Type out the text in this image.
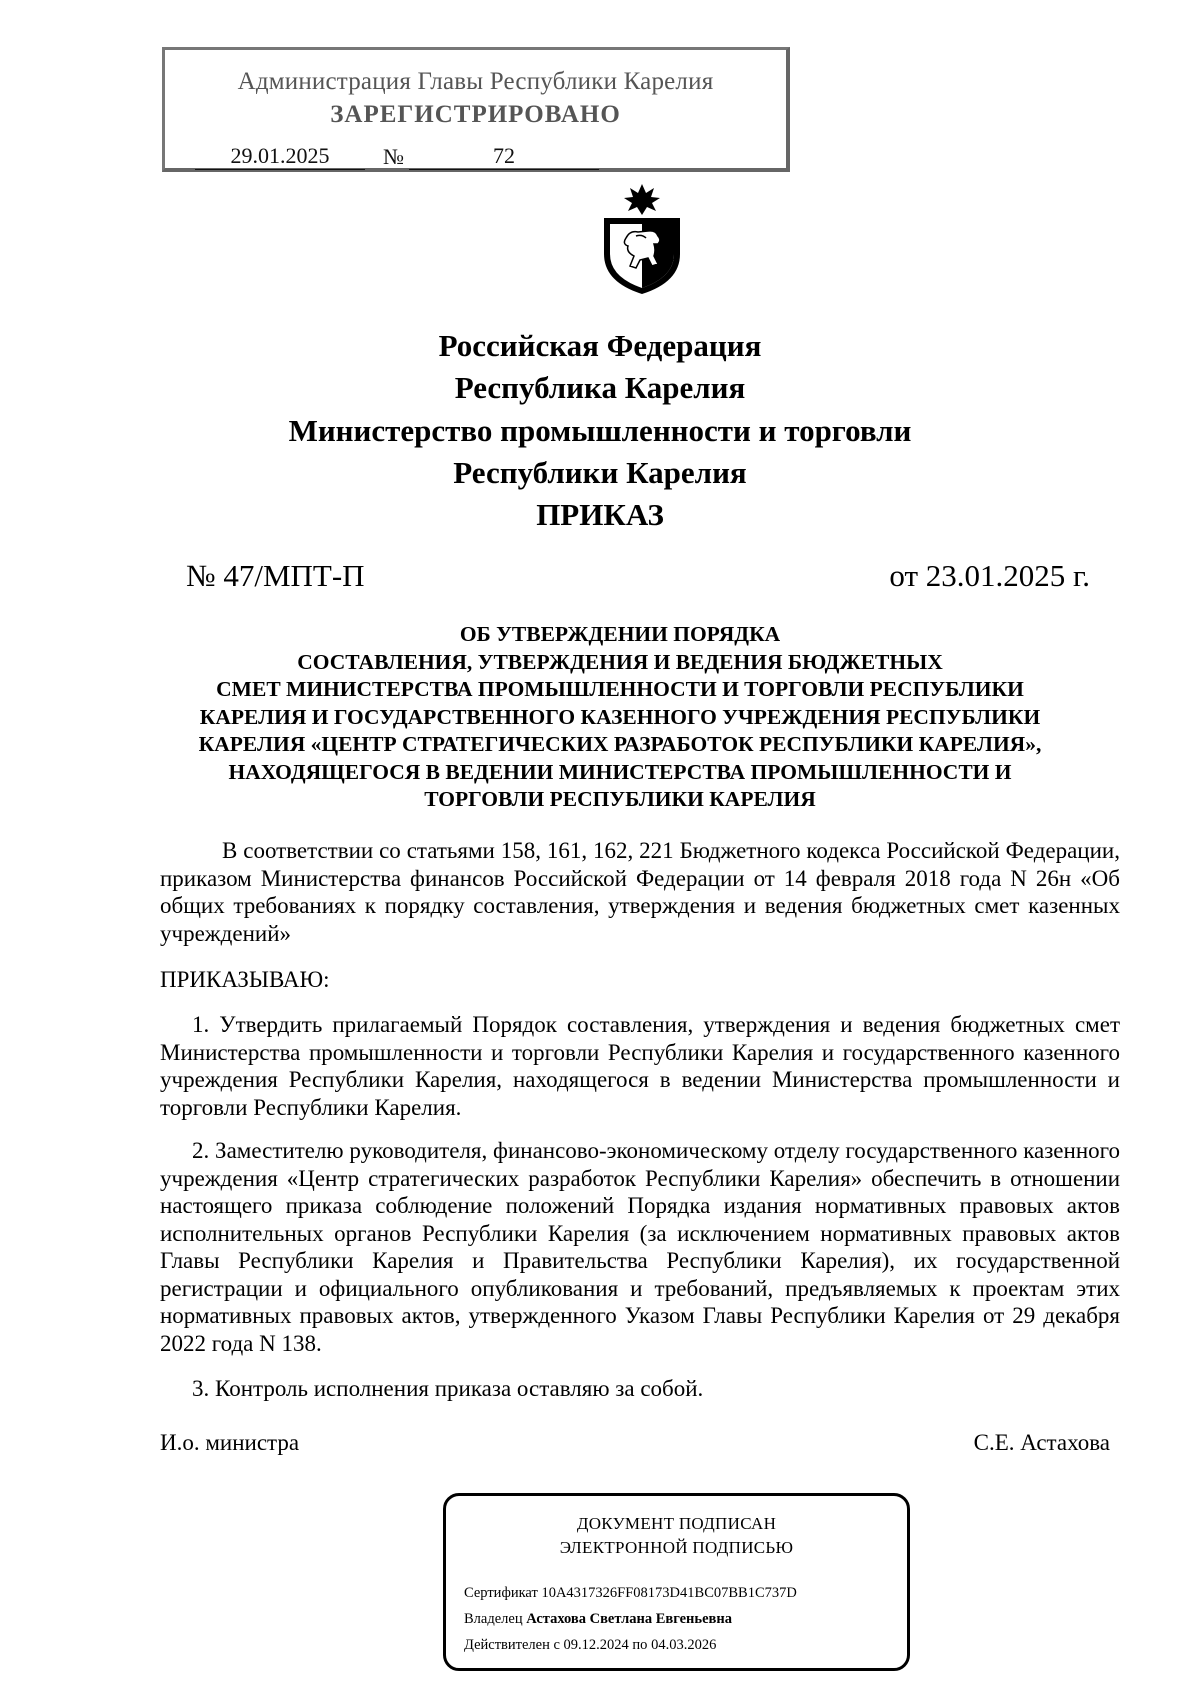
Администрация Главы Республики Карелия
ЗАРЕГИСТРИРОВАНО
29.01.2025	№	72
Российская Федерация
Республика Карелия
Министерство промышленности и торговли
Республики Карелия
ПРИКАЗ
№ 47/МПТ-П	от 23.01.2025 г.
ОБ УТВЕРЖДЕНИИ ПОРЯДКА
СОСТАВЛЕНИЯ, УТВЕРЖДЕНИЯ И ВЕДЕНИЯ БЮДЖЕТНЫХ
СМЕТ МИНИСТЕРСТВА ПРОМЫШЛЕННОСТИ И ТОРГОВЛИ РЕСПУБЛИКИ
КАРЕЛИЯ И ГОСУДАРСТВЕННОГО КАЗЕННОГО УЧРЕЖДЕНИЯ РЕСПУБЛИКИ
КАРЕЛИЯ «ЦЕНТР СТРАТЕГИЧЕСКИХ РАЗРАБОТОК РЕСПУБЛИКИ КАРЕЛИЯ»,
НАХОДЯЩЕГОСЯ В ВЕДЕНИИ МИНИСТЕРСТВА ПРОМЫШЛЕННОСТИ И
ТОРГОВЛИ РЕСПУБЛИКИ КАРЕЛИЯ
В соответствии со статьями 158, 161, 162, 221 Бюджетного кодекса Российской Федерации, приказом Министерства финансов Российской Федерации от 14 февраля 2018 года N 26н «Об общих требованиях к порядку составления, утверждения и ведения бюджетных смет казенных учреждений»
ПРИКАЗЫВАЮ:
1. Утвердить прилагаемый Порядок составления, утверждения и ведения бюджетных смет Министерства промышленности и торговли Республики Карелия и государственного казенного учреждения Республики Карелия, находящегося в ведении Министерства промышленности и торговли Республики Карелия.
2. Заместителю руководителя, финансово-экономическому отделу государственного казенного учреждения «Центр стратегических разработок Республики Карелия» обеспечить в отношении настоящего приказа соблюдение положений Порядка издания нормативных правовых актов исполнительных органов Республики Карелия (за исключением нормативных правовых актов Главы Республики Карелия и Правительства Республики Карелия), их государственной регистрации и официального опубликования и требований, предъявляемых к проектам этих нормативных правовых актов, утвержденного Указом Главы Республики Карелия от 29 декабря 2022 года N 138.
3. Контроль исполнения приказа оставляю за собой.
И.о. министра	С.Е. Астахова
ДОКУМЕНТ ПОДПИСАН
ЭЛЕКТРОННОЙ ПОДПИСЬЮ
Сертификат 10A4317326FF08173D41BC07BB1C737D
Владелец Астахова Светлана Евгеньевна
Действителен с 09.12.2024 по 04.03.2026
